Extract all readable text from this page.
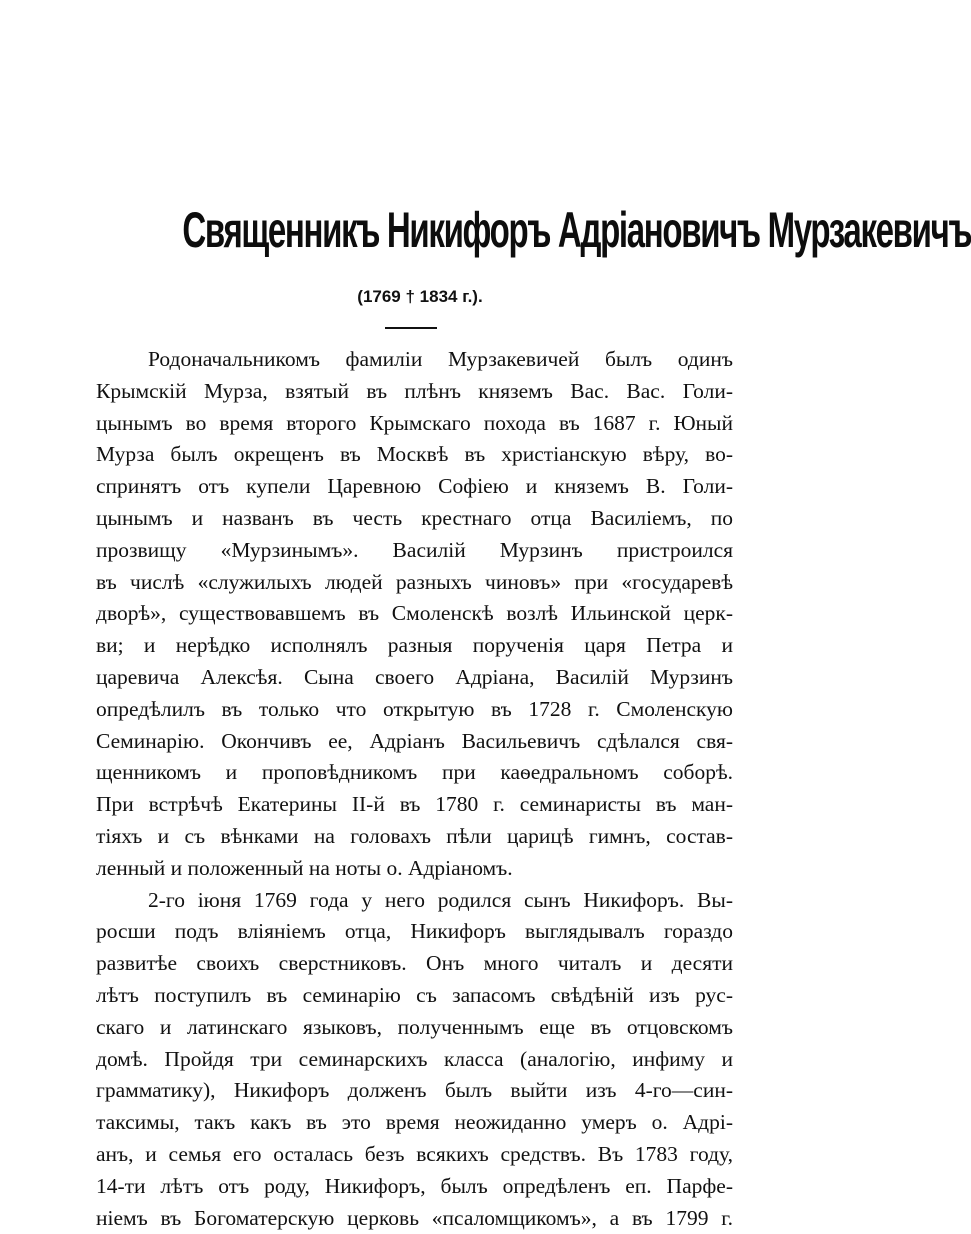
Священникъ Никифоръ Адріановичъ Мурзакевичъ
(1769 † 1834 г.).
Родоначальникомъ фамиліи Мурзакевичей былъ одинъ
Крымскій Мурза, взятый въ плѣнъ княземъ Вас. Вас. Голи-
цынымъ во время второго Крымскаго похода въ 1687 г. Юный
Мурза былъ окрещенъ въ Москвѣ въ христіанскую вѣру, во-
спринятъ отъ купели Царевною Софіею и княземъ В. Голи-
цынымъ и названъ въ честь крестнаго отца Василіемъ, по
прозвищу «Мурзинымъ». Василій Мурзинъ пристроился
въ числѣ «служилыхъ людей разныхъ чиновъ» при «государевѣ
дворѣ», существовавшемъ въ Смоленскѣ возлѣ Ильинской церк-
ви; и нерѣдко исполнялъ разныя порученія царя Петра и
царевича Алексѣя. Сына своего Адріана, Василій Мурзинъ
опредѣлилъ въ только что открытую въ 1728 г. Смоленскую
Семинарію. Окончивъ ее, Адріанъ Васильевичъ сдѣлался свя-
щенникомъ и проповѣдникомъ при каѳедральномъ соборѣ.
При встрѣчѣ Екатерины II-й въ 1780 г. семинаристы въ ман-
тіяхъ и съ вѣнками на головахъ пѣли царицѣ гимнъ, состав-
ленный и положенный на ноты о. Адріаномъ.
2-го іюня 1769 года у него родился сынъ Никифоръ. Вы-
росши подъ вліяніемъ отца, Никифоръ выглядывалъ гораздо
развитѣе своихъ сверстниковъ. Онъ много читалъ и десяти
лѣтъ поступилъ въ семинарію съ запасомъ свѣдѣній изъ рус-
скаго и латинскаго языковъ, полученнымъ еще въ отцовскомъ
домѣ. Пройдя три семинарскихъ класса (аналогію, инфиму и
грамматику), Никифоръ долженъ былъ выйти изъ 4-го—син-
таксимы, такъ какъ въ это время неожиданно умеръ о. Адрі-
анъ, и семья его осталась безъ всякихъ средствъ. Въ 1783 году,
14-ти лѣтъ отъ роду, Никифоръ, былъ опредѣленъ еп. Парфе-
ніемъ въ Богоматерскую церковь «псаломщикомъ», а въ 1799 г.
